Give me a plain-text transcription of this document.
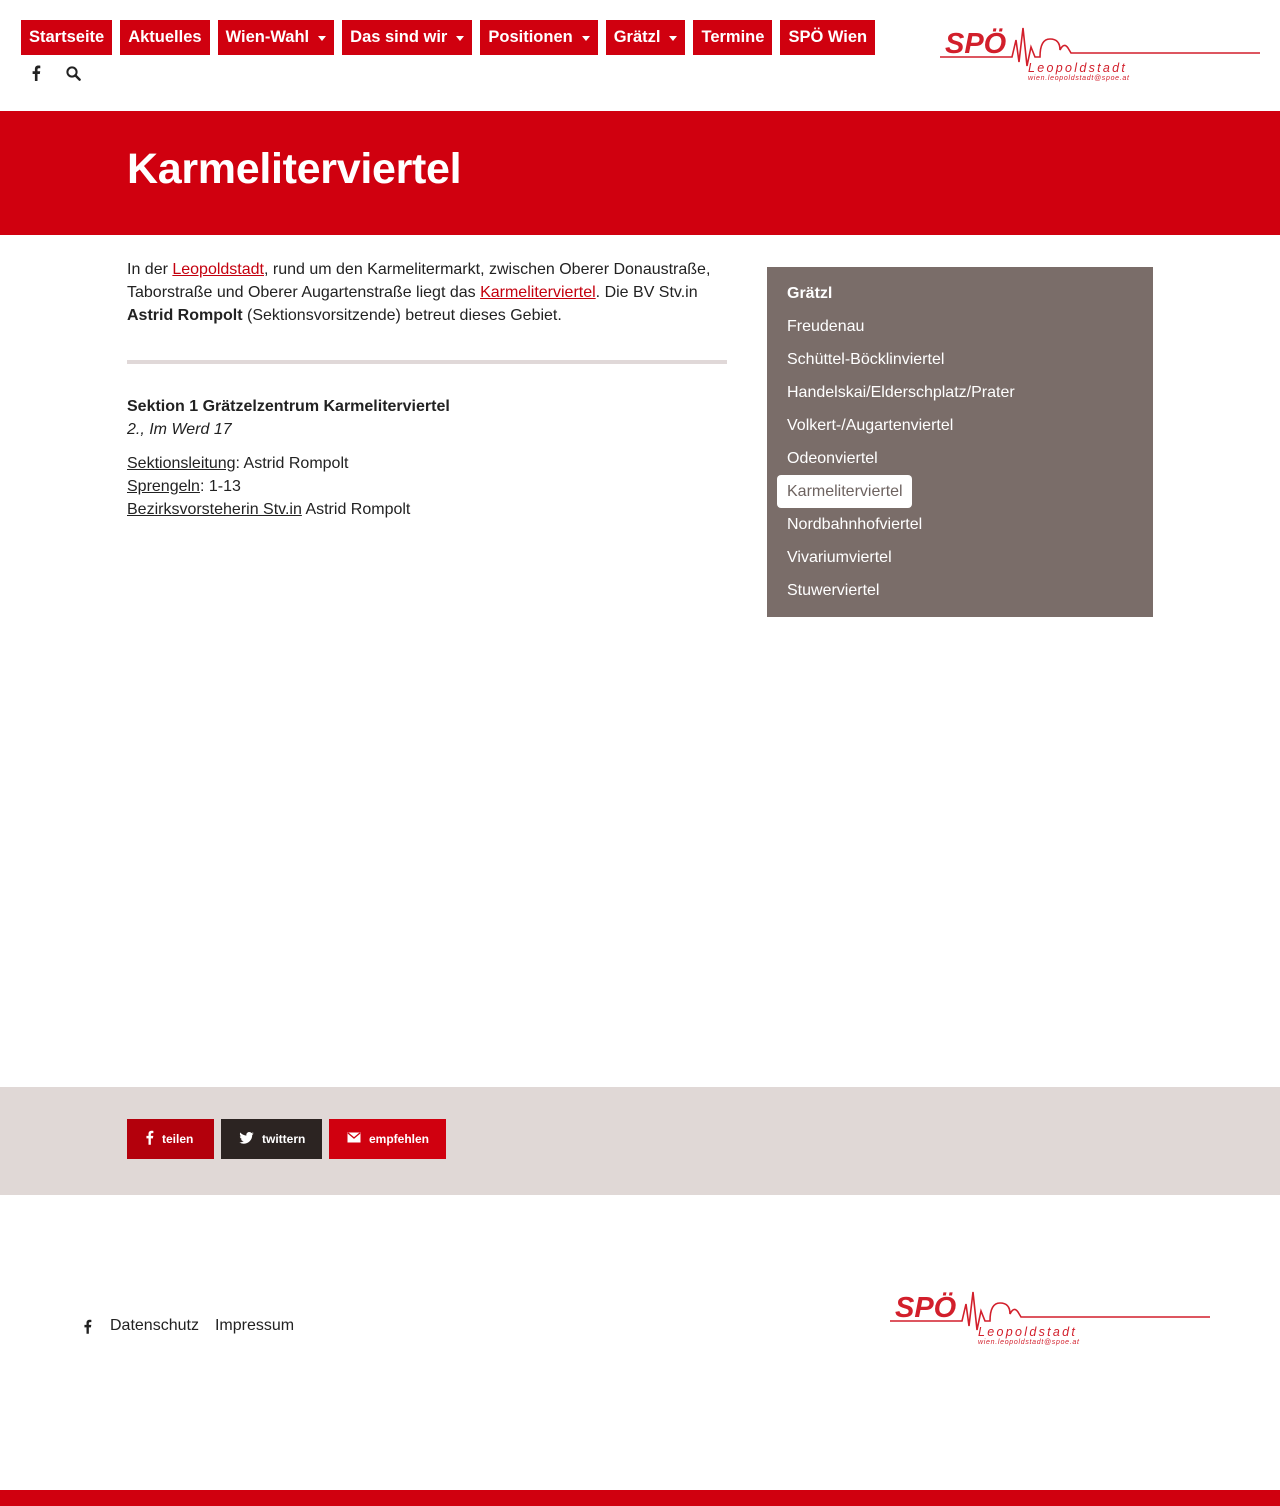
Startseite Aktuelles Wien-Wahl Das sind wir Positionen Grätzl Termine SPÖ Wien	SPÖ
Leopoldstadt
wien.leopoldstadt@spoe.at
Karmeliterviertel

In der Leopoldstadt, rund um den Karmelitermarkt, zwischen Oberer Donaustraße, Taborstraße und Oberer Augartenstraße liegt das Karmeliterviertel. Die BV Stv.in Astrid Rompolt (Sektionsvorsitzende) betreut dieses Gebiet.

Sektion 1 Grätzelzentrum Karmeliterviertel
2., Im Werd 17
Sektionsleitung: Astrid Rompolt
Sprengeln: 1-13
Bezirksvorsteherin Stv.in Astrid Rompolt
Grätzl
Freudenau
Schüttel-Böcklinviertel
Handelskai/Elderschplatz/Prater
Volkert-/Augartenviertel
Odeonviertel
Karmeliterviertel
Nordbahnhofviertel
Vivariumviertel
Stuwerviertel
teilen	twittern	empfehlen
Datenschutz Impressum
SPÖ
Leopoldstadt
wien.leopoldstadt@spoe.at
